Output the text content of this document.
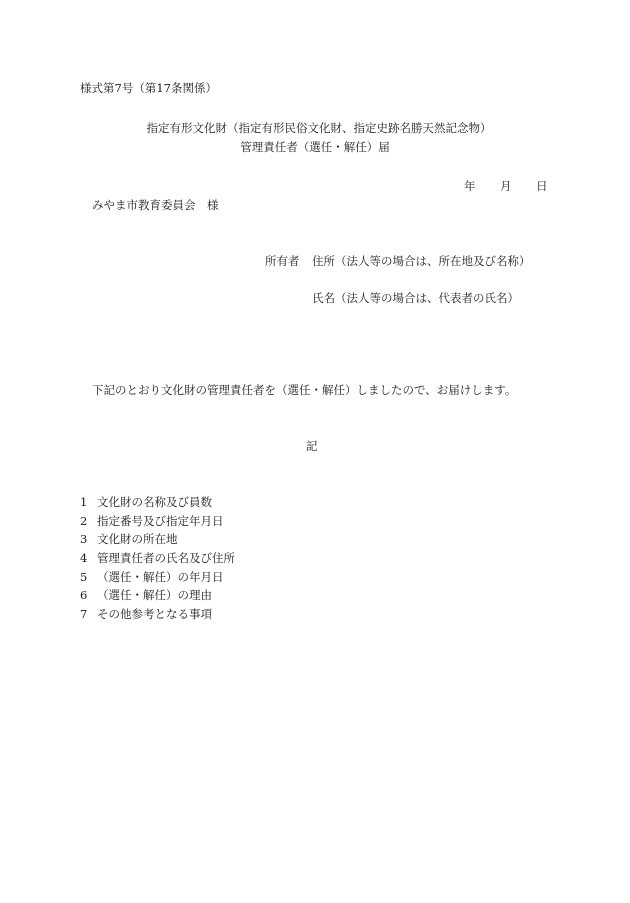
様式第7号（第17条関係）
指定有形文化財（指定有形民俗文化財、指定史跡名勝天然記念物）
管理責任者（選任・解任）届
年 月 日
みやま市教育委員会　様
所有者 住所（法人等の場合は、所在地及び名称）
氏名（法人等の場合は、代表者の氏名）
下記のとおり文化財の管理責任者を（選任・解任）しましたので、お届けします。
記
1 文化財の名称及び員数
2 指定番号及び指定年月日
3 文化財の所在地
4 管理責任者の氏名及び住所
5 （選任・解任）の年月日
6 （選任・解任）の理由
7 その他参考となる事項
